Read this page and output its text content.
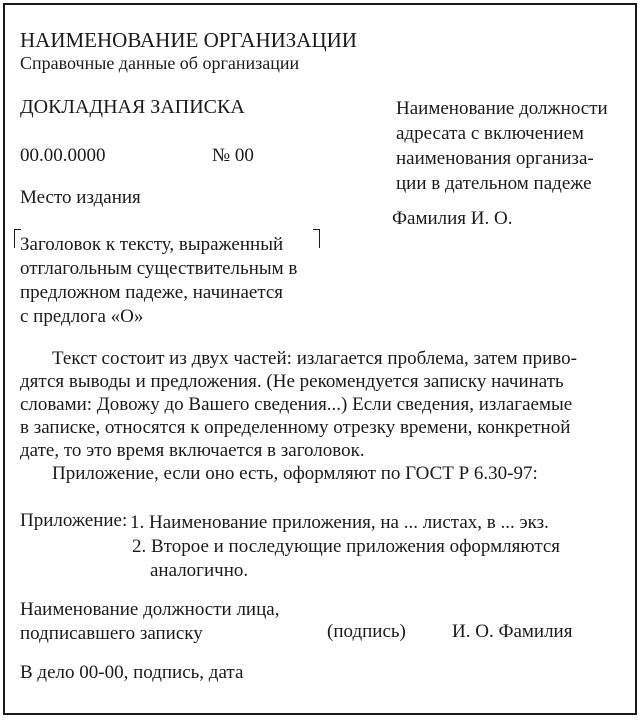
НАИМЕНОВАНИЕ ОРГАНИЗАЦИИ
Справочные данные об организации
ДОКЛАДНАЯ ЗАПИСКА
00.00.0000	№ 00
Место издания
Наименование должности
адресата с включением
наименования организа-
ции в дательном падеже
Фамилия И. О.
Заголовок к тексту, выраженный
отглагольным существительным в
предложном падеже, начинается
с предлога «О»
Текст состоит из двух частей: излагается проблема, затем приво-
дятся выводы и предложения. (Не рекомендуется записку начинать
словами: Довожу до Вашего сведения...) Если сведения, излагаемые
в записке, относятся к определенному отрезку времени, конкретной
дате, то это время включается в заголовок.
Приложение, если оно есть, оформляют по ГОСТ Р 6.30-97:
Приложение: 1. Наименование приложения, на ... листах, в ... экз.
2. Второе и последующие приложения оформляются
аналогично.
Наименование должности лица,
подписавшего записку	(подпись) И. О. Фамилия
В дело 00-00, подпись, дата
